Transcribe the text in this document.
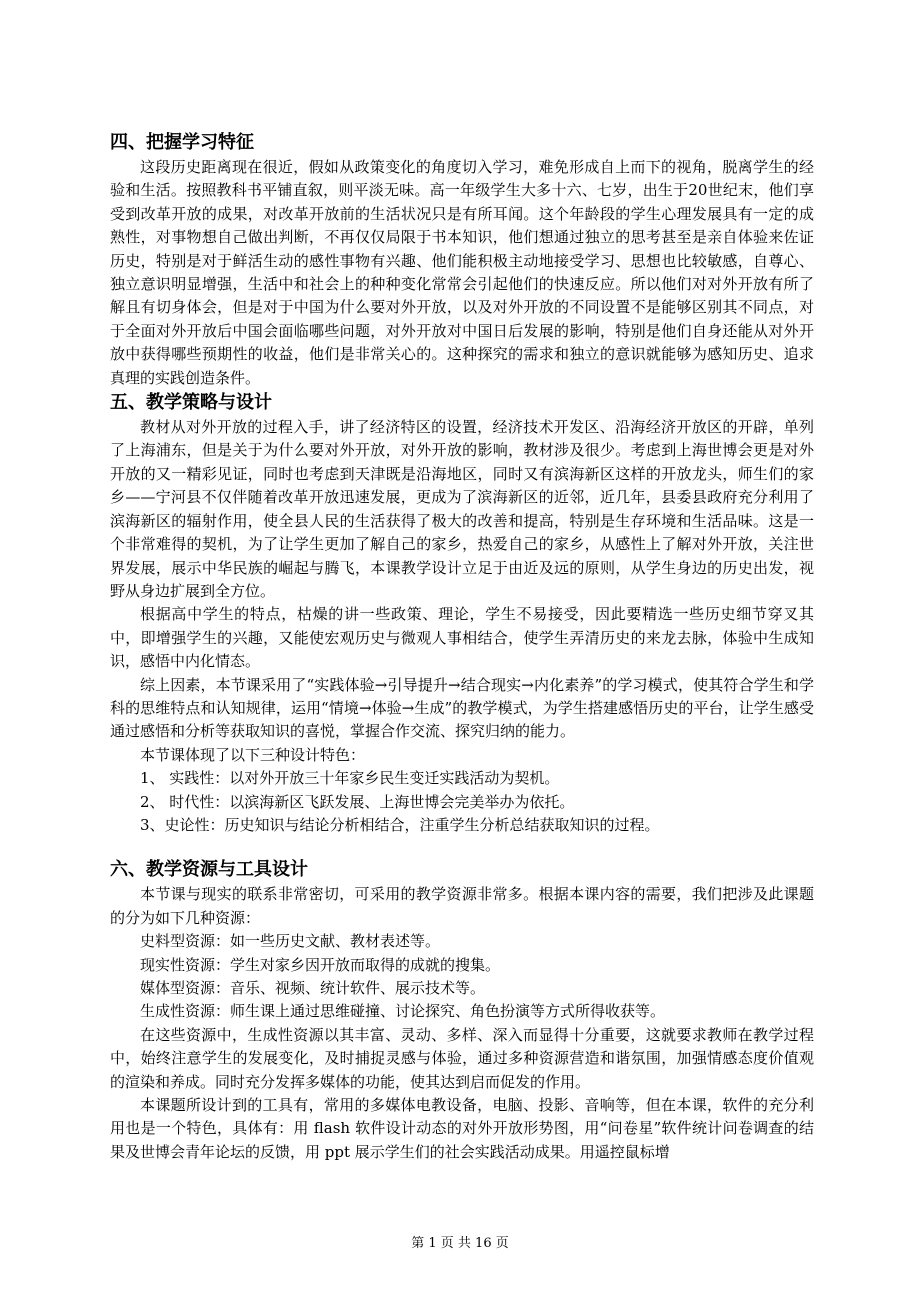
四、把握学习特征

这段历史距离现在很近，假如从政策变化的角度切入学习，难免形成自上而下的视角，脱离学生的经验和生活。按照教科书平铺直叙，则平淡无味。高一年级学生大多十六、七岁，出生于20世纪末，他们享受到改革开放的成果，对改革开放前的生活状况只是有所耳闻。这个年龄段的学生心理发展具有一定的成熟性，对事物想自己做出判断，不再仅仅局限于书本知识，他们想通过独立的思考甚至是亲自体验来佐证历史，特别是对于鲜活生动的感性事物有兴趣、他们能积极主动地接受学习、思想也比较敏感，自尊心、独立意识明显增强，生活中和社会上的种种变化常常会引起他们的快速反应。所以他们对对外开放有所了解且有切身体会，但是对于中国为什么要对外开放，以及对外开放的不同设置不是能够区别其不同点，对于全面对外开放后中国会面临哪些问题，对外开放对中国日后发展的影响，特别是他们自身还能从对外开放中获得哪些预期性的收益，他们是非常关心的。这种探究的需求和独立的意识就能够为感知历史、追求真理的实践创造条件。

五、教学策略与设计

教材从对外开放的过程入手，讲了经济特区的设置，经济技术开发区、沿海经济开放区的开辟，单列了上海浦东，但是关于为什么要对外开放，对外开放的影响，教材涉及很少。考虑到上海世博会更是对外开放的又一精彩见证，同时也考虑到天津既是沿海地区，同时又有滨海新区这样的开放龙头，师生们的家乡——宁河县不仅伴随着改革开放迅速发展，更成为了滨海新区的近邻，近几年，县委县政府充分利用了滨海新区的辐射作用，使全县人民的生活获得了极大的改善和提高，特别是生存环境和生活品味。这是一个非常难得的契机，为了让学生更加了解自己的家乡，热爱自己的家乡，从感性上了解对外开放，关注世界发展，展示中华民族的崛起与腾飞，本课教学设计立足于由近及远的原则，从学生身边的历史出发，视野从身边扩展到全方位。

根据高中学生的特点，枯燥的讲一些政策、理论，学生不易接受，因此要精选一些历史细节穿叉其中，即增强学生的兴趣，又能使宏观历史与微观人事相结合，使学生弄清历史的来龙去脉，体验中生成知识，感悟中内化情态。

综上因素，本节课采用了“实践体验→引导提升→结合现实→内化素养”的学习模式，使其符合学生和学科的思维特点和认知规律，运用“情境→体验→生成”的教学模式，为学生搭建感悟历史的平台，让学生感受通过感悟和分析等获取知识的喜悦，掌握合作交流、探究归纳的能力。

本节课体现了以下三种设计特色：

1、 实践性：以对外开放三十年家乡民生变迁实践活动为契机。

2、 时代性：以滨海新区飞跃发展、上海世博会完美举办为依托。

3、史论性：历史知识与结论分析相结合，注重学生分析总结获取知识的过程。

六、教学资源与工具设计

本节课与现实的联系非常密切，可采用的教学资源非常多。根据本课内容的需要，我们把涉及此课题的分为如下几种资源：

史料型资源：如一些历史文献、教材表述等。

现实性资源：学生对家乡因开放而取得的成就的搜集。

媒体型资源：音乐、视频、统计软件、展示技术等。

生成性资源：师生课上通过思维碰撞、讨论探究、角色扮演等方式所得收获等。

在这些资源中，生成性资源以其丰富、灵动、多样、深入而显得十分重要，这就要求教师在教学过程中，始终注意学生的发展变化，及时捕捉灵感与体验，通过多种资源营造和谐氛围，加强情感态度价值观的渲染和养成。同时充分发挥多媒体的功能，使其达到启而促发的作用。

本课题所设计到的工具有，常用的多媒体电教设备，电脑、投影、音响等，但在本课，软件的充分利用也是一个特色，具体有：用 flash 软件设计动态的对外开放形势图，用“问卷星”软件统计问卷调查的结果及世博会青年论坛的反馈，用 ppt 展示学生们的社会实践活动成果。用遥控鼠标增

第 1 页 共 16 页
